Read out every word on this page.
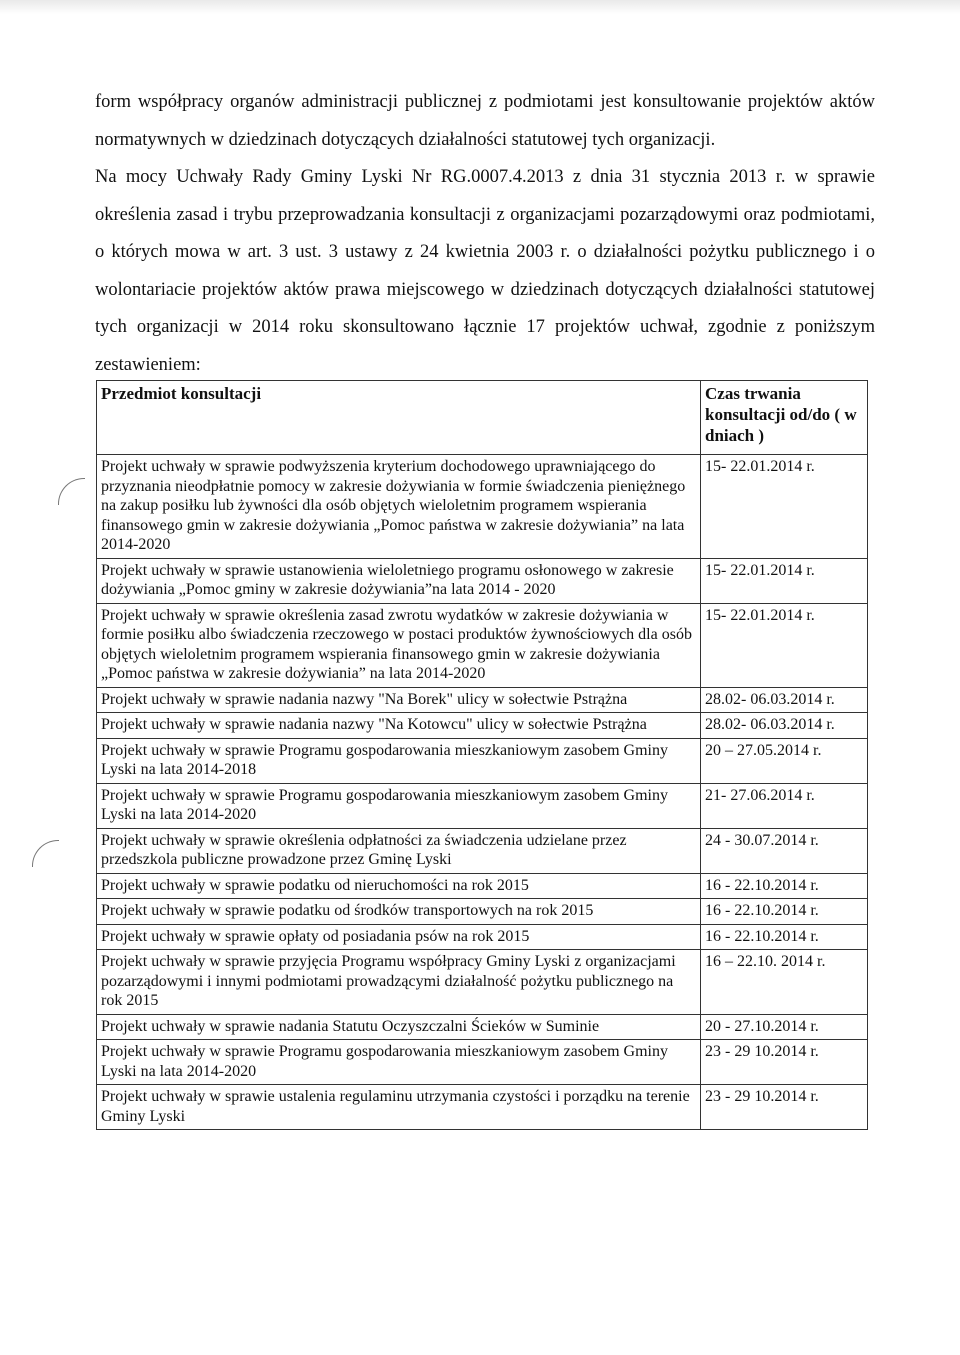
form współpracy organów administracji publicznej z podmiotami jest konsultowanie projektów aktów normatywnych w dziedzinach dotyczących działalności statutowej tych organizacji.
Na mocy Uchwały Rady Gminy Lyski Nr RG.0007.4.2013 z dnia 31 stycznia 2013 r. w sprawie określenia zasad i trybu przeprowadzania konsultacji z organizacjami pozarządowymi oraz podmiotami, o których mowa w art. 3 ust. 3 ustawy z 24 kwietnia 2003 r. o działalności pożytku publicznego i o wolontariacie projektów aktów prawa miejscowego w dziedzinach dotyczących działalności statutowej tych organizacji w 2014 roku skonsultowano łącznie 17 projektów uchwał, zgodnie z poniższym zestawieniem:

Przedmiot konsultacji	Czas trwania konsultacji od/do ( w dniach )
Projekt uchwały w sprawie podwyższenia kryterium dochodowego uprawniającego do przyznania nieodpłatnie pomocy w zakresie dożywiania w formie świadczenia pieniężnego na zakup posiłku lub żywności dla osób objętych wieloletnim programem wspierania finansowego gmin w zakresie dożywiania „Pomoc państwa w zakresie dożywiania” na lata 2014-2020	15- 22.01.2014 r.
Projekt uchwały w sprawie ustanowienia wieloletniego programu osłonowego w zakresie dożywiania „Pomoc gminy w zakresie dożywiania”na lata 2014 - 2020	15- 22.01.2014 r.
Projekt uchwały w sprawie określenia zasad zwrotu wydatków w zakresie dożywiania w formie posiłku albo świadczenia rzeczowego w postaci produktów żywnościowych dla osób objętych wieloletnim programem wspierania finansowego gmin w zakresie dożywiania „Pomoc państwa w zakresie dożywiania” na lata 2014-2020	15- 22.01.2014 r.
Projekt uchwały w sprawie nadania nazwy "Na Borek" ulicy w sołectwie Pstrążna	28.02- 06.03.2014 r.
Projekt uchwały w sprawie nadania nazwy "Na Kotowcu" ulicy w sołectwie Pstrążna	28.02- 06.03.2014 r.
Projekt uchwały w sprawie Programu gospodarowania mieszkaniowym zasobem Gminy Lyski na lata 2014-2018	20 – 27.05.2014 r.
Projekt uchwały w sprawie Programu gospodarowania mieszkaniowym zasobem Gminy Lyski na lata 2014-2020	21- 27.06.2014 r.
Projekt uchwały w sprawie określenia odpłatności za świadczenia udzielane przez przedszkola publiczne prowadzone przez Gminę Lyski	24 - 30.07.2014 r.
Projekt uchwały w sprawie podatku od nieruchomości na rok 2015	16 - 22.10.2014 r.
Projekt uchwały w sprawie podatku od środków transportowych na rok 2015	16 - 22.10.2014 r.
Projekt uchwały w sprawie opłaty od posiadania psów na rok 2015	16 - 22.10.2014 r.
Projekt uchwały w sprawie przyjęcia Programu współpracy Gminy Lyski z organizacjami pozarządowymi i innymi podmiotami prowadzącymi działalność pożytku publicznego na rok 2015	16 – 22.10. 2014 r.
Projekt uchwały w sprawie nadania Statutu Oczyszczalni Ścieków w Suminie	20 - 27.10.2014 r.
Projekt uchwały w sprawie Programu gospodarowania mieszkaniowym zasobem Gminy Lyski na lata 2014-2020	23 - 29 10.2014 r.
Projekt uchwały w sprawie ustalenia regulaminu utrzymania czystości i porządku na terenie Gminy Lyski	23 - 29 10.2014 r.
